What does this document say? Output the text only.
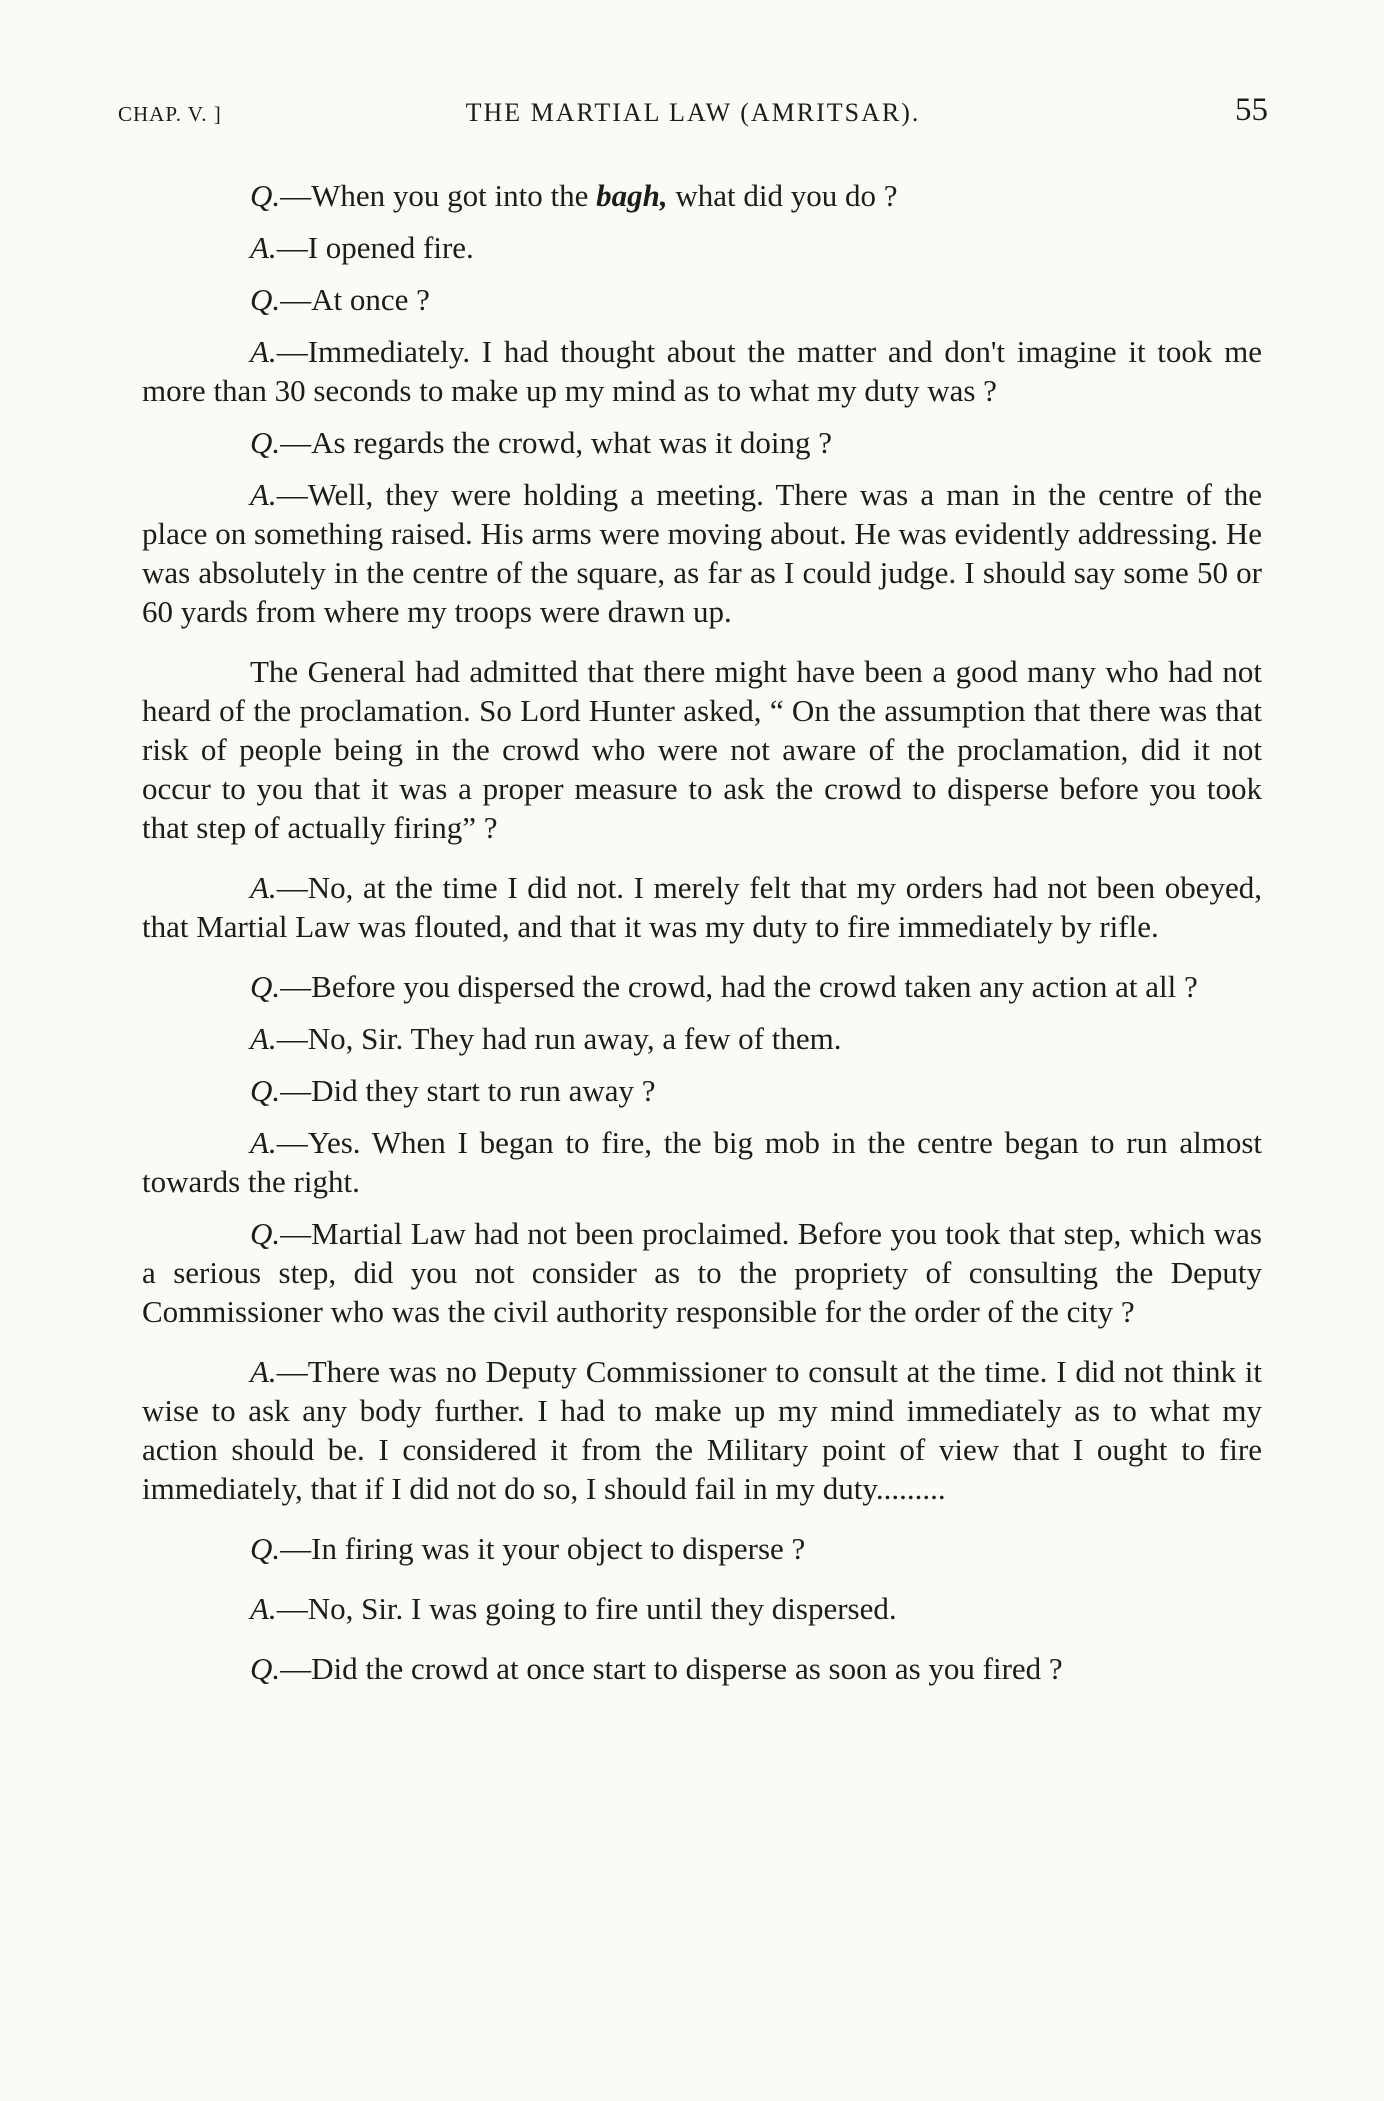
CHAP. V. ]	THE MARTIAL LAW (AMRITSAR).	55

Q.—When you got into the bagh, what did you do ?

A.—I opened fire.

Q.—At once ?

A.—Immediately. I had thought about the matter and don't imagine it took me more than 30 seconds to make up my mind as to what my duty was ?

Q.—As regards the crowd, what was it doing ?

A.—Well, they were holding a meeting. There was a man in the centre of the place on something raised. His arms were moving about. He was evidently addressing. He was absolutely in the centre of the square, as far as I could judge. I should say some 50 or 60 yards from where my troops were drawn up.

The General had admitted that there might have been a good many who had not heard of the proclamation. So Lord Hunter asked, “ On the assumption that there was that risk of people being in the crowd who were not aware of the proclamation, did it not occur to you that it was a proper measure to ask the crowd to disperse before you took that step of actually firing” ?

A.—No, at the time I did not. I merely felt that my orders had not been obeyed, that Martial Law was flouted, and that it was my duty to fire immediately by rifle.

Q.—Before you dispersed the crowd, had the crowd taken any action at all ?

A.—No, Sir. They had run away, a few of them.

Q.—Did they start to run away ?

A.—Yes. When I began to fire, the big mob in the centre began to run almost towards the right.

Q.—Martial Law had not been proclaimed. Before you took that step, which was a serious step, did you not consider as to the propriety of consulting the Deputy Commissioner who was the civil authority responsible for the order of the city ?

A.—There was no Deputy Commissioner to consult at the time. I did not think it wise to ask any body further. I had to make up my mind immediately as to what my action should be. I considered it from the Military point of view that I ought to fire immediately, that if I did not do so, I should fail in my duty.........

Q.—In firing was it your object to disperse ?

A.—No, Sir. I was going to fire until they dispersed.

Q.—Did the crowd at once start to disperse as soon as you fired ?
